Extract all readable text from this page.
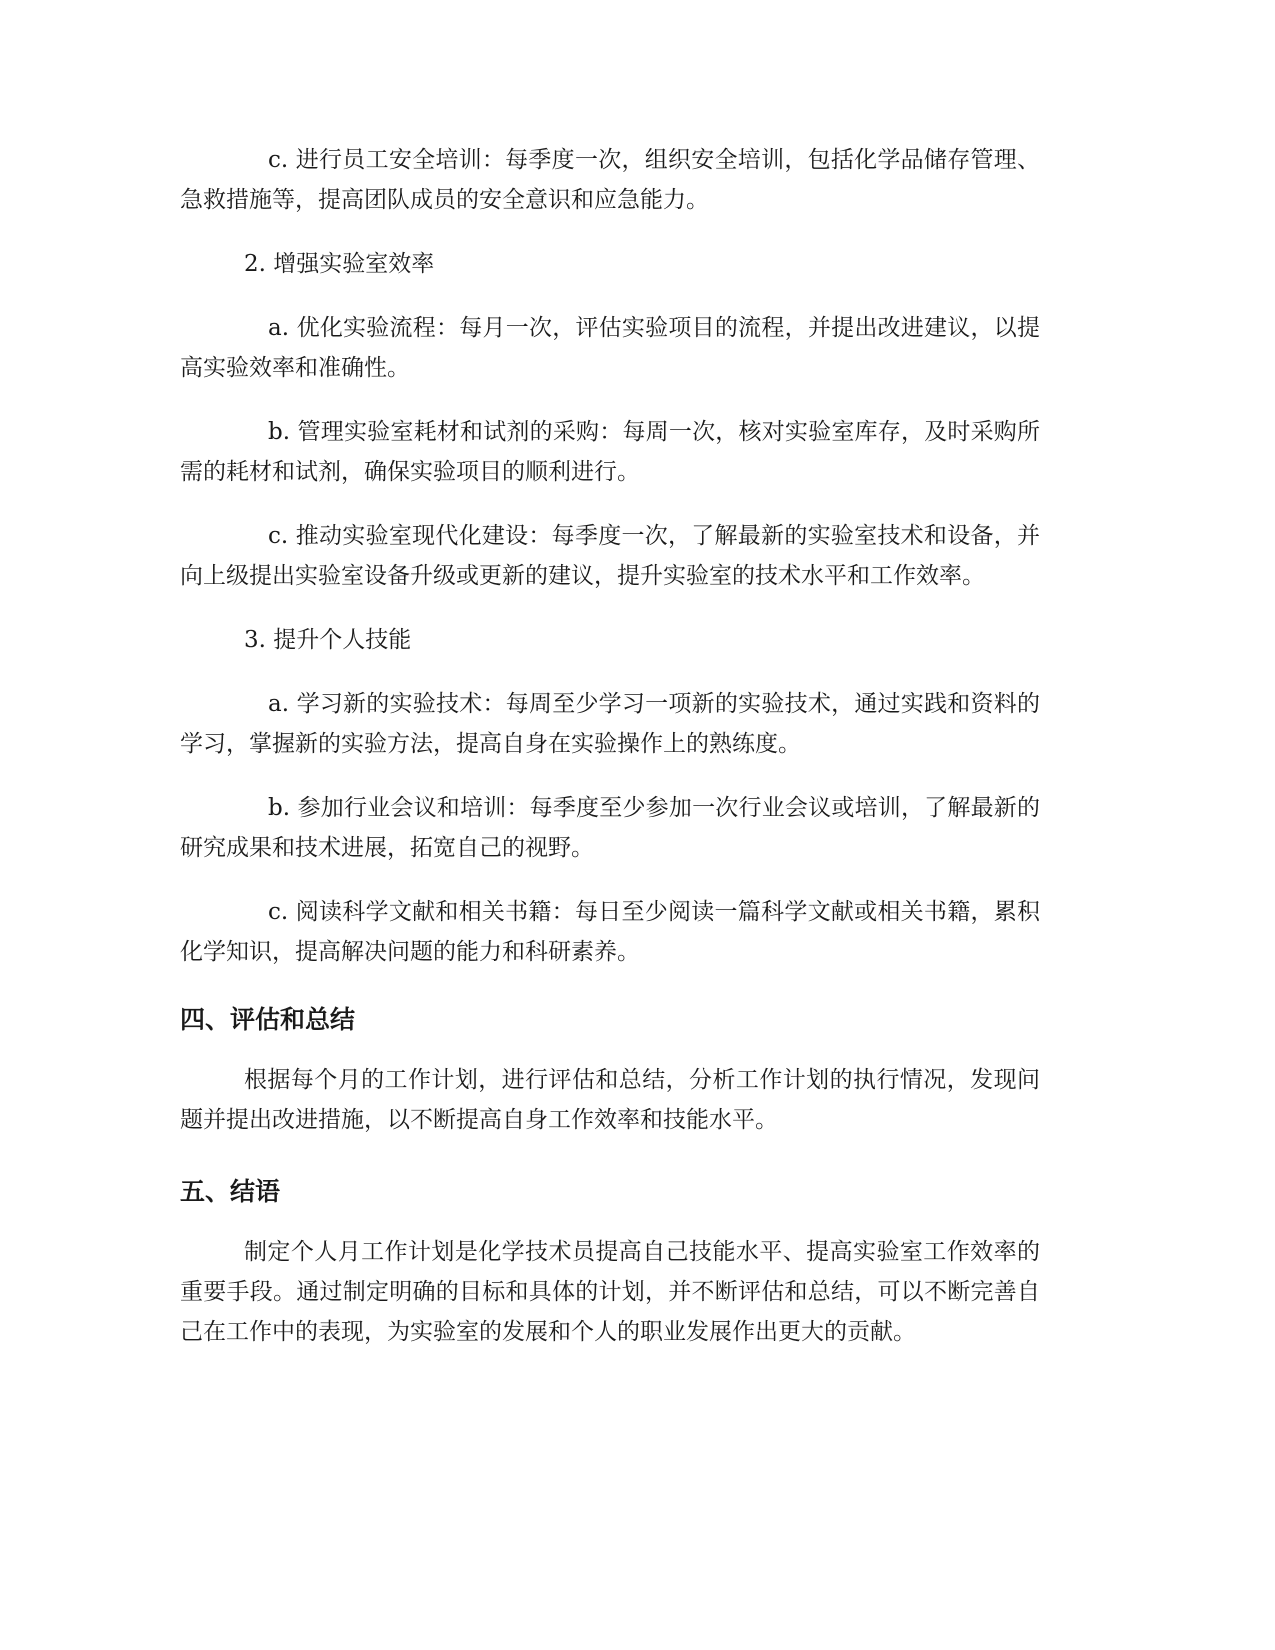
c. 进行员工安全培训：每季度一次，组织安全培训，包括化学品储存管理、急救措施等，提高团队成员的安全意识和应急能力。

2. 增强实验室效率

a. 优化实验流程：每月一次，评估实验项目的流程，并提出改进建议，以提高实验效率和准确性。

b. 管理实验室耗材和试剂的采购：每周一次，核对实验室库存，及时采购所需的耗材和试剂，确保实验项目的顺利进行。

c. 推动实验室现代化建设：每季度一次，了解最新的实验室技术和设备，并向上级提出实验室设备升级或更新的建议，提升实验室的技术水平和工作效率。

3. 提升个人技能

a. 学习新的实验技术：每周至少学习一项新的实验技术，通过实践和资料的学习，掌握新的实验方法，提高自身在实验操作上的熟练度。

b. 参加行业会议和培训：每季度至少参加一次行业会议或培训，了解最新的研究成果和技术进展，拓宽自己的视野。

c. 阅读科学文献和相关书籍：每日至少阅读一篇科学文献或相关书籍，累积化学知识，提高解决问题的能力和科研素养。

四、评估和总结

根据每个月的工作计划，进行评估和总结，分析工作计划的执行情况，发现问题并提出改进措施，以不断提高自身工作效率和技能水平。

五、结语

制定个人月工作计划是化学技术员提高自己技能水平、提高实验室工作效率的重要手段。通过制定明确的目标和具体的计划，并不断评估和总结，可以不断完善自己在工作中的表现，为实验室的发展和个人的职业发展作出更大的贡献。
